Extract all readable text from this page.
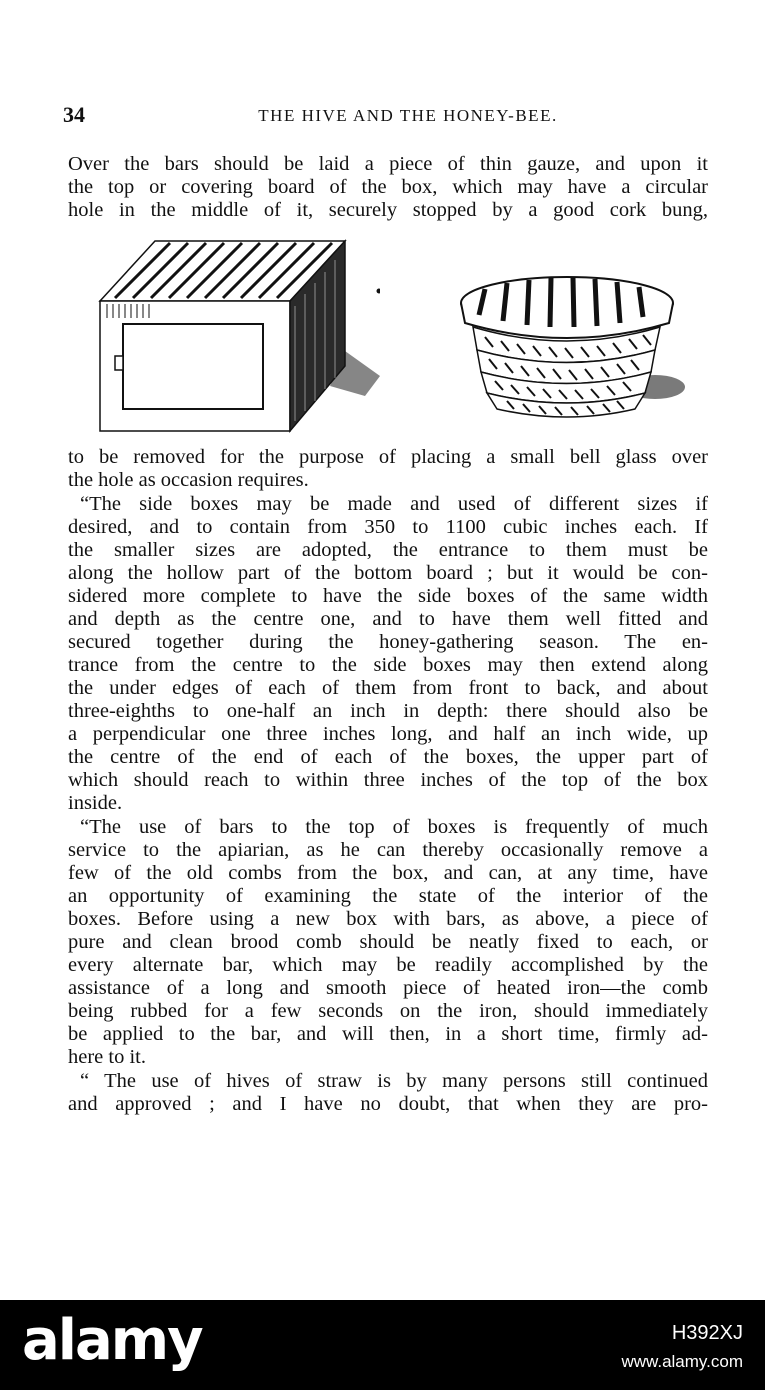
34	THE HIVE AND THE HONEY-BEE.
Over the bars should be laid a piece of thin gauze, and upon it
the top or covering board of the box, which may have a circular
hole in the middle of it, securely stopped by a good cork bung,
to be removed for the purpose of placing a small bell glass over
the hole as occasion requires.
“The side boxes may be made and used of different sizes if
desired, and to contain from 350 to 1100 cubic inches each. If
the smaller sizes are adopted, the entrance to them must be
along the hollow part of the bottom board ; but it would be con-
sidered more complete to have the side boxes of the same width
and depth as the centre one, and to have them well fitted and
secured together during the honey-gathering season. The en-
trance from the centre to the side boxes may then extend along
the under edges of each of them from front to back, and about
three-eighths to one-half an inch in depth: there should also be
a perpendicular one three inches long, and half an inch wide, up
the centre of the end of each of the boxes, the upper part of
which should reach to within three inches of the top of the box
inside.
“The use of bars to the top of boxes is frequently of much
service to the apiarian, as he can thereby occasionally remove a
few of the old combs from the box, and can, at any time, have
an opportunity of examining the state of the interior of the
boxes. Before using a new box with bars, as above, a piece of
pure and clean brood comb should be neatly fixed to each, or
every alternate bar, which may be readily accomplished by the
assistance of a long and smooth piece of heated iron—the comb
being rubbed for a few seconds on the iron, should immediately
be applied to the bar, and will then, in a short time, firmly ad-
here to it.
“ The use of hives of straw is by many persons still continued
and approved ; and I have no doubt, that when they are pro-
alamy	H392XJ
www.alamy.com
